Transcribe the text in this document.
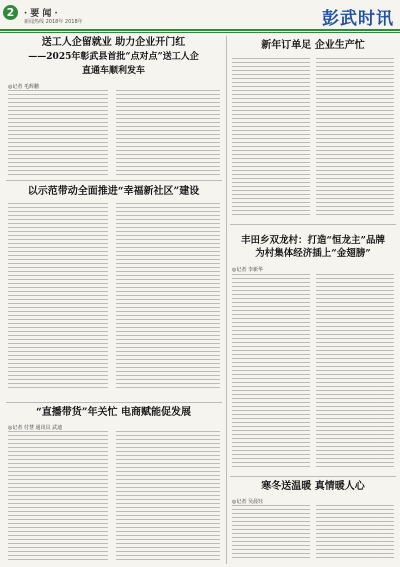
2	· 要 闻 ·
新闻热线 2018年 2018年	彭武时讯
送工人企留就业 助力企业开门红
——2025年彰武县首批“点对点”送工人企
直通车顺利发车
◎记者 毛辉鹏
以示范带动全面推进“幸福新社区”建设
“直播带货”年关忙 电商赋能促发展
◎记者 付慧 通讯员 武迪
新年订单足 企业生产忙
丰田乡双龙村：打造“恒龙主”品牌
为村集体经济插上“金翅膀”
◎记者 李新华
寒冬送温暖 真情暖人心
◎记者 吴晨钰
